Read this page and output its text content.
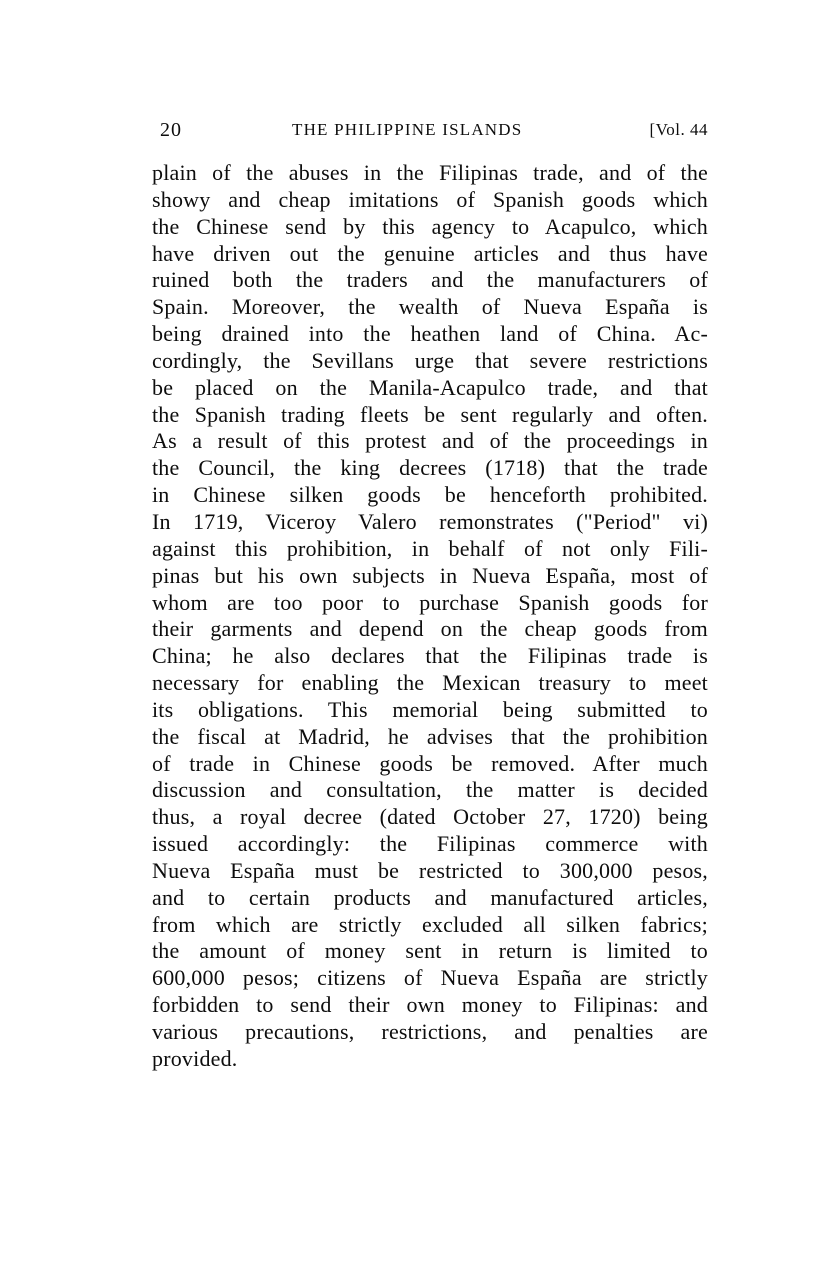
20	THE PHILIPPINE ISLANDS	[Vol. 44
plain of the abuses in the Filipinas trade, and of the
showy and cheap imitations of Spanish goods which
the Chinese send by this agency to Acapulco, which
have driven out the genuine articles and thus have
ruined both the traders and the manufacturers of
Spain. Moreover, the wealth of Nueva España is
being drained into the heathen land of China. Ac-
cordingly, the Sevillans urge that severe restrictions
be placed on the Manila-Acapulco trade, and that
the Spanish trading fleets be sent regularly and often.
As a result of this protest and of the proceedings in
the Council, the king decrees (1718) that the trade
in Chinese silken goods be henceforth prohibited.
In 1719, Viceroy Valero remonstrates ("Period" vi)
against this prohibition, in behalf of not only Fili-
pinas but his own subjects in Nueva España, most of
whom are too poor to purchase Spanish goods for
their garments and depend on the cheap goods from
China; he also declares that the Filipinas trade is
necessary for enabling the Mexican treasury to meet
its obligations. This memorial being submitted to
the fiscal at Madrid, he advises that the prohibition
of trade in Chinese goods be removed. After much
discussion and consultation, the matter is decided
thus, a royal decree (dated October 27, 1720) being
issued accordingly: the Filipinas commerce with
Nueva España must be restricted to 300,000 pesos,
and to certain products and manufactured articles,
from which are strictly excluded all silken fabrics;
the amount of money sent in return is limited to
600,000 pesos; citizens of Nueva España are strictly
forbidden to send their own money to Filipinas: and
various precautions, restrictions, and penalties are
provided.
